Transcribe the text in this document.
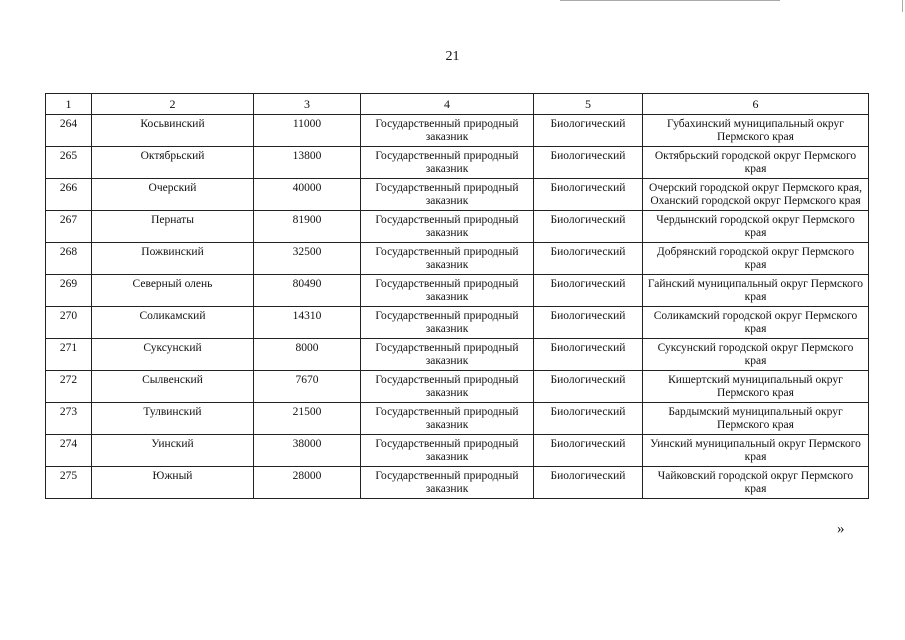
21
1	2	3	4	5	6
264	Косьвинский	11000	Государственный природный заказник	Биологический	Губахинский муниципальный округ Пермского края
265	Октябрьский	13800	Государственный природный заказник	Биологический	Октябрьский городской округ Пермского края
266	Очерский	40000	Государственный природный заказник	Биологический	Очерский городской округ Пермского края, Оханский городской округ Пермского края
267	Пернаты	81900	Государственный природный заказник	Биологический	Чердынский городской округ Пермского края
268	Пожвинский	32500	Государственный природный заказник	Биологический	Добрянский городской округ Пермского края
269	Северный олень	80490	Государственный природный заказник	Биологический	Гайнский муниципальный округ Пермского края
270	Соликамский	14310	Государственный природный заказник	Биологический	Соликамский городской округ Пермского края
271	Суксунский	8000	Государственный природный заказник	Биологический	Суксунский городской округ Пермского края
272	Сылвенский	7670	Государственный природный заказник	Биологический	Кишертский муниципальный округ Пермского края
273	Тулвинский	21500	Государственный природный заказник	Биологический	Бардымский муниципальный округ Пермского края
274	Уинский	38000	Государственный природный заказник	Биологический	Уинский муниципальный округ Пермского края
275	Южный	28000	Государственный природный заказник	Биологический	Чайковский городской округ Пермского края
»
